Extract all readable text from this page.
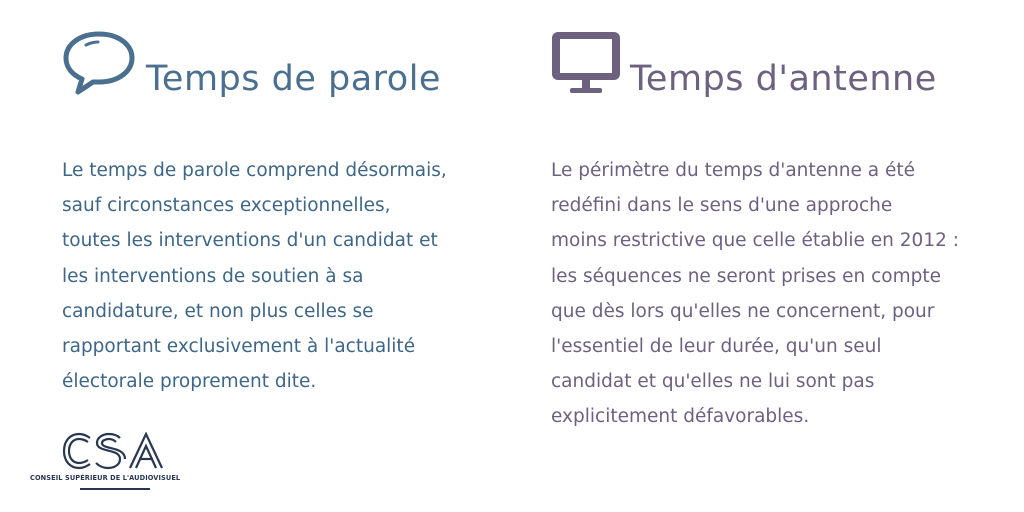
Temps de parole

Le temps de parole comprend désormais,
sauf circonstances exceptionnelles,
toutes les interventions d'un candidat et
les interventions de soutien à sa
candidature, et non plus celles se
rapportant exclusivement à l'actualité
électorale proprement dite.

Temps d'antenne

Le périmètre du temps d'antenne a été
redéfini dans le sens d'une approche
moins restrictive que celle établie en 2012 :
les séquences ne seront prises en compte
que dès lors qu'elles ne concernent, pour
l'essentiel de leur durée, qu'un seul
candidat et qu'elles ne lui sont pas
explicitement défavorables.

CONSEIL SUPÉRIEUR DE L'AUDIOVISUEL
